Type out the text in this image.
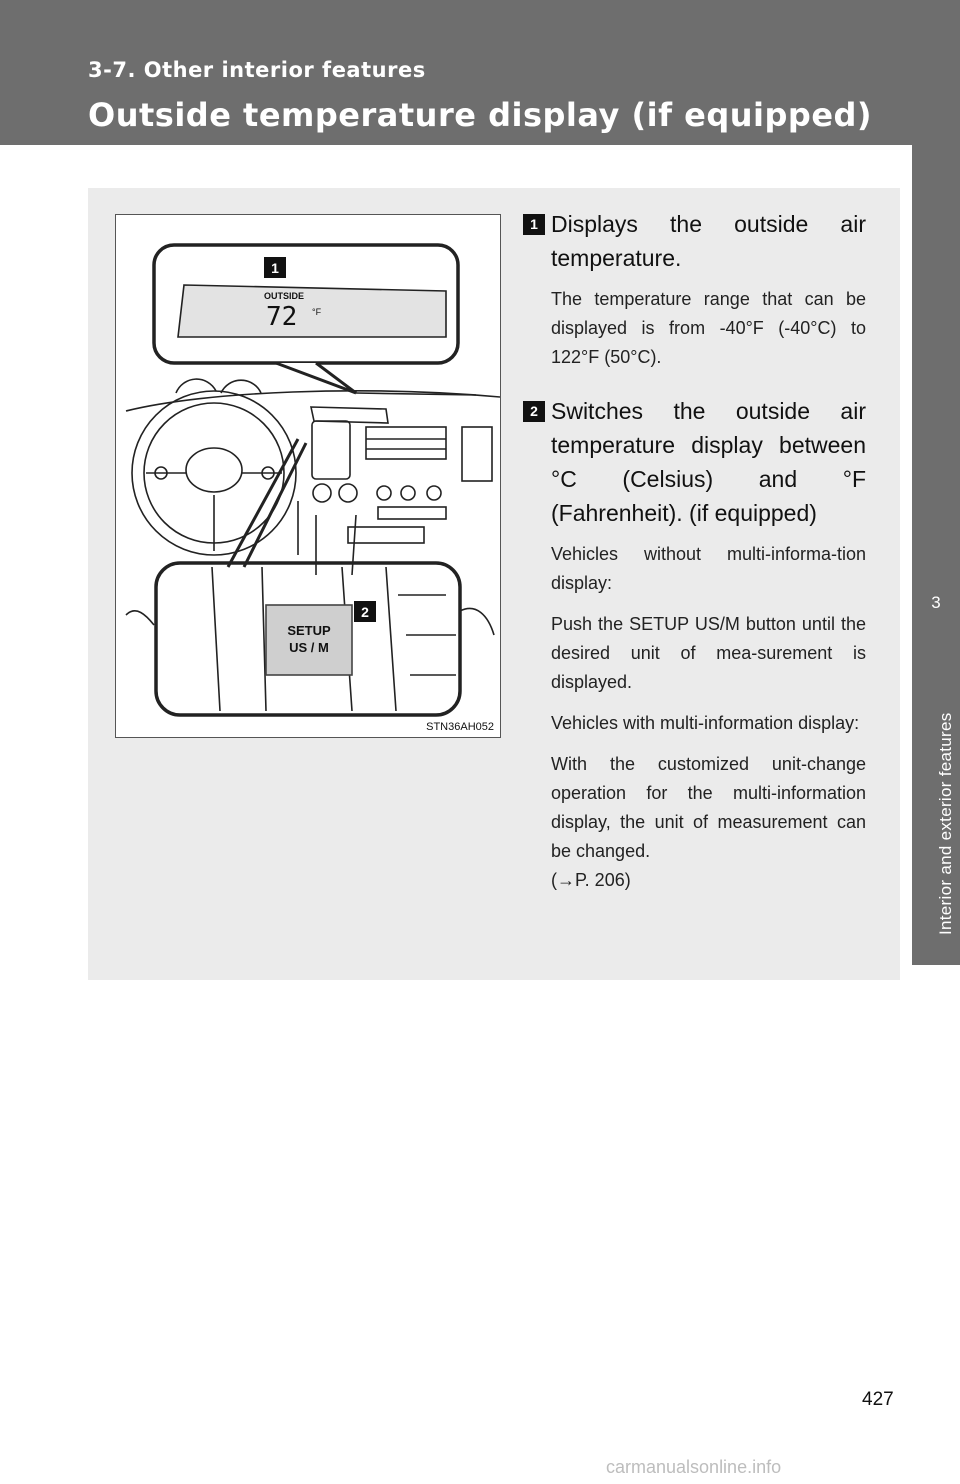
3-7. Other interior features
Outside temperature display (if equipped)
3
Interior and exterior features
1
2
OUTSIDE
72 °F
SETUP
US / M
STN36AH052
1 Displays the outside air temperature.

The temperature range that can be displayed is from -40°F (-40°C) to 122°F (50°C).

2 Switches the outside air temperature display between °C (Celsius) and °F (Fahrenheit). (if equipped)

Vehicles without multi-informa-tion display:

Push the SETUP US/M button until the desired unit of mea-surement is displayed.

Vehicles with multi-information display:

With the customized unit-change operation for the multi-information display, the unit of measurement can be changed.

(→P. 206)

427
carmanualsonline.info
